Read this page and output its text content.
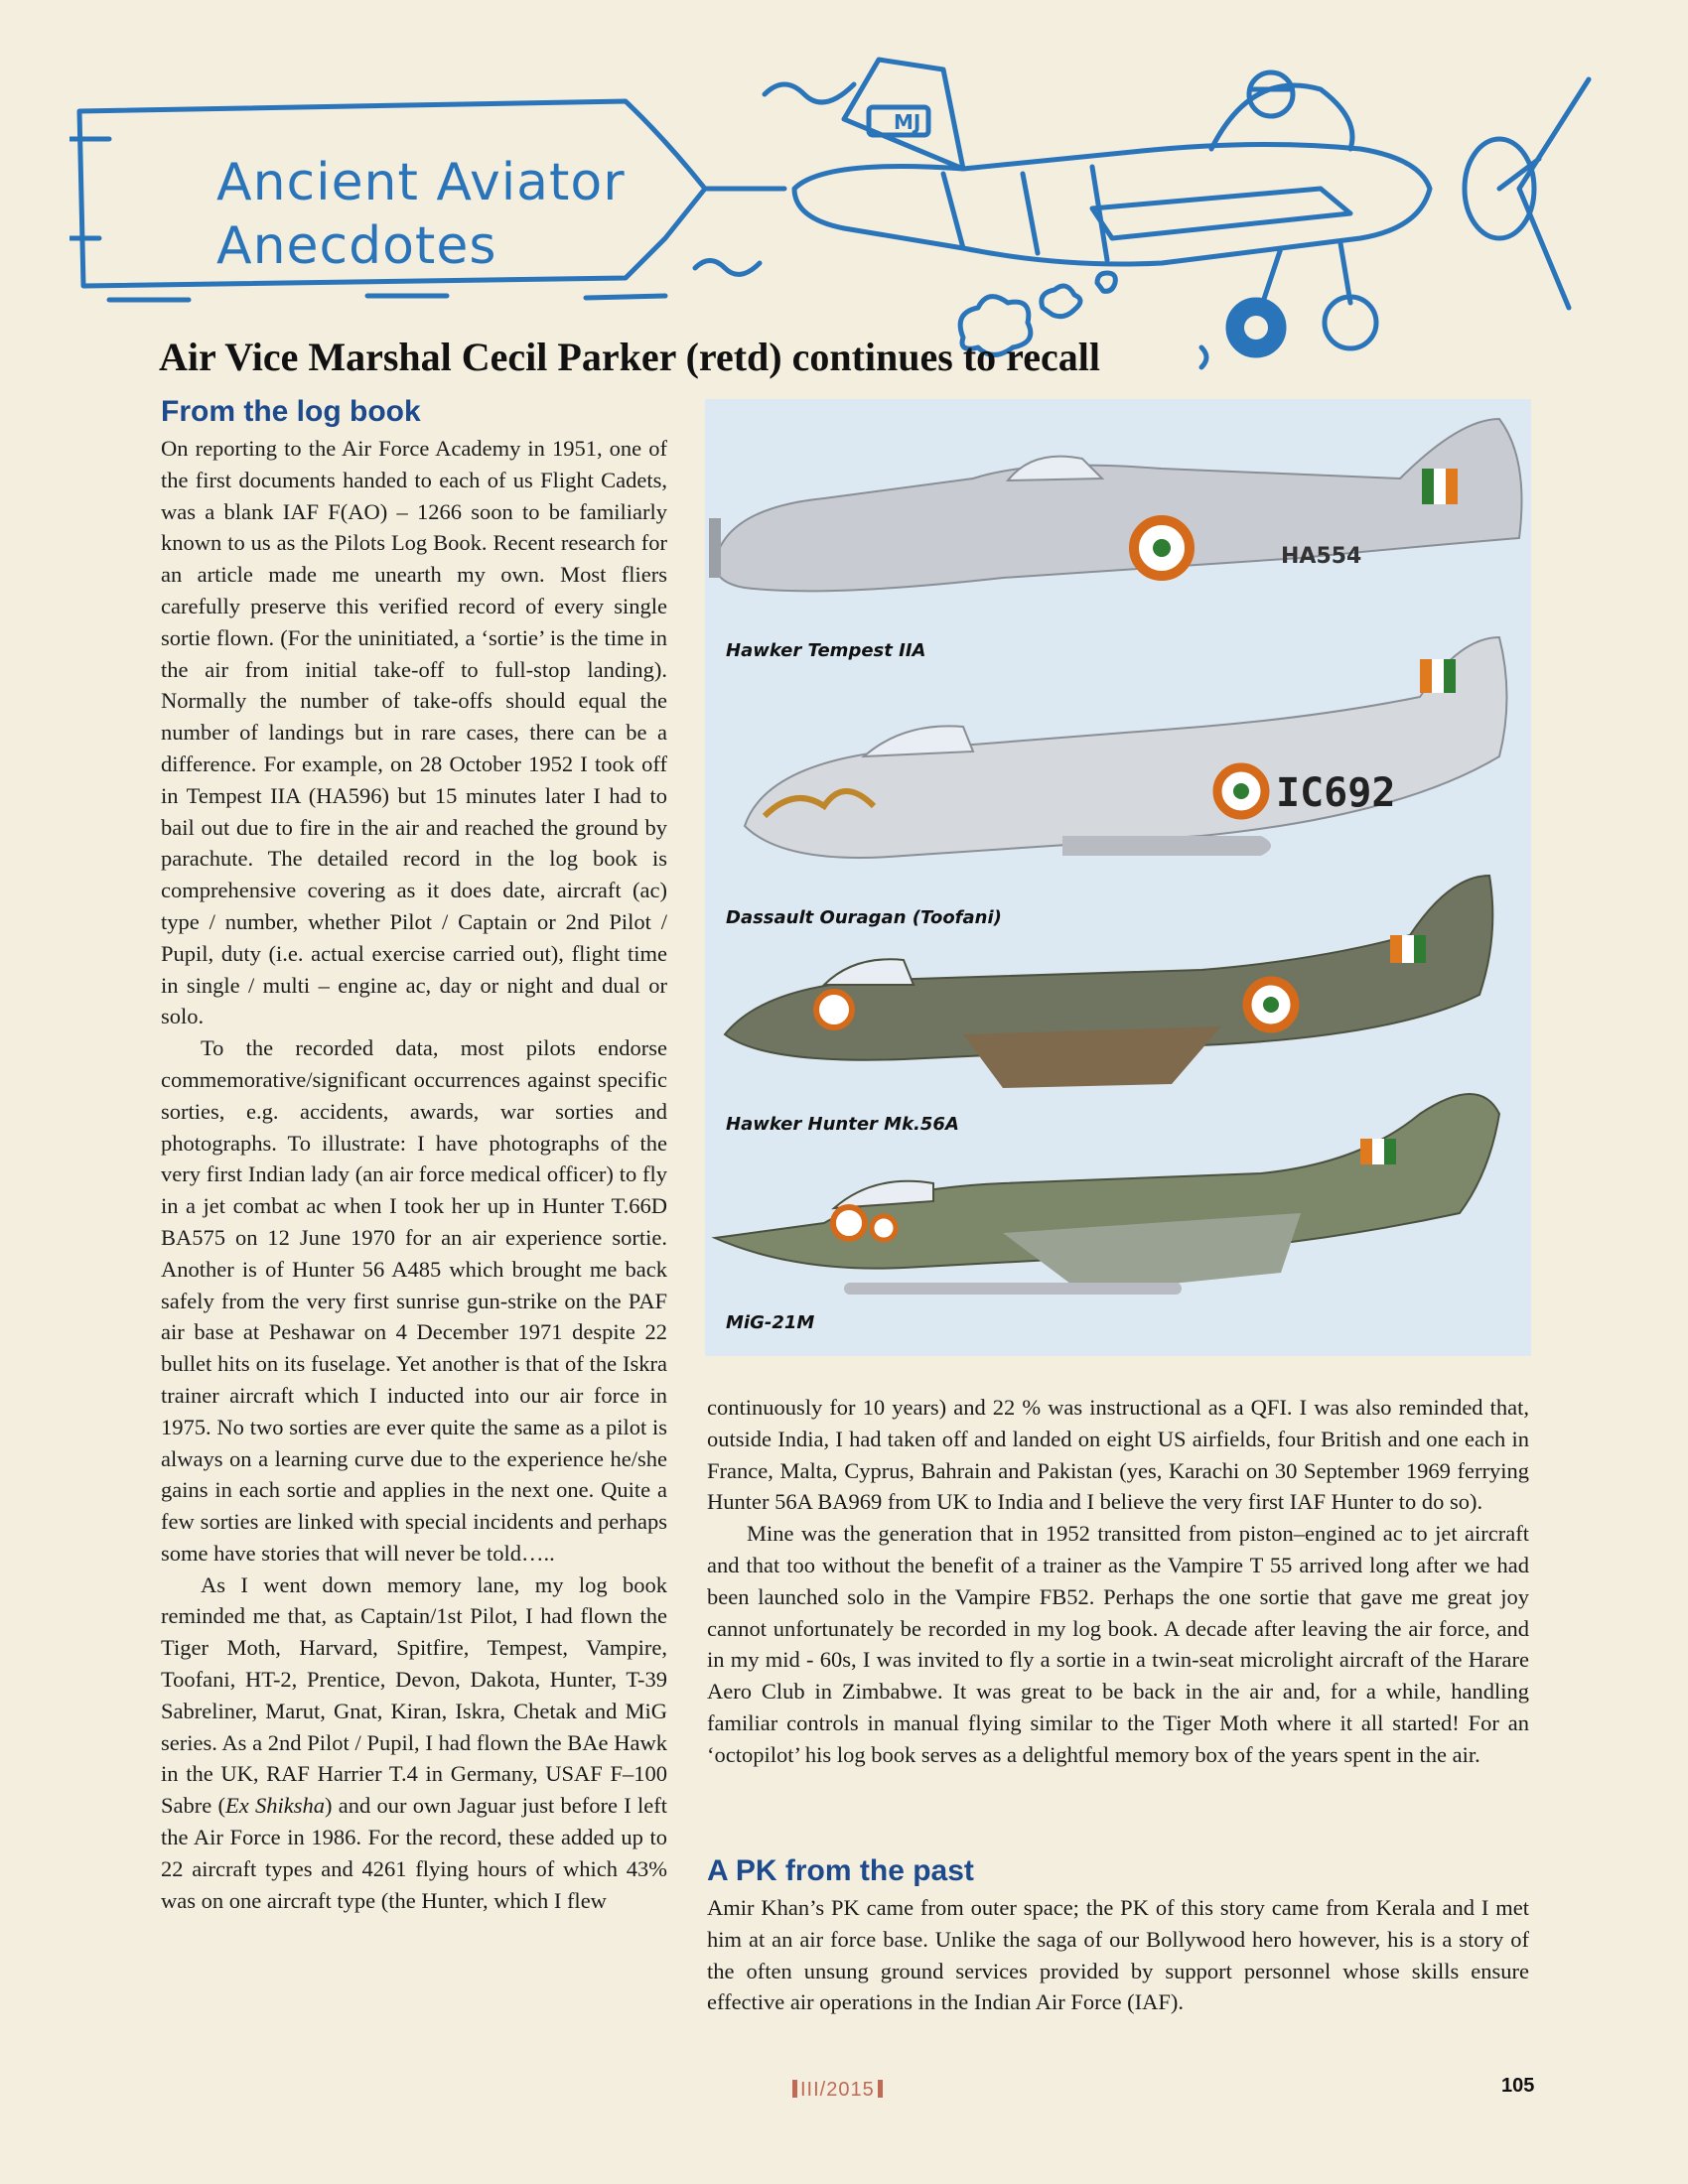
MJ
Ancient Aviator
Anecdotes
Air Vice Marshal Cecil Parker (retd) continues to recall
From the log book

On reporting to the Air Force Academy in 1951, one of the first documents handed to each of us Flight Cadets, was a blank IAF F(AO) – 1266 soon to be familiarly known to us as the Pilots Log Book. Recent research for an article made me unearth my own. Most fliers carefully preserve this verified record of every single sortie flown. (For the uninitiated, a ‘sortie’ is the time in the air from initial take-off to full-stop landing). Normally the number of take-offs should equal the number of landings but in rare cases, there can be a difference. For example, on 28 October 1952 I took off in Tempest IIA (HA596) but 15 minutes later I had to bail out due to fire in the air and reached the ground by parachute. The detailed record in the log book is comprehensive covering as it does date, aircraft (ac) type / number, whether Pilot / Captain or 2nd Pilot / Pupil, duty (i.e. actual exercise carried out), flight time in single / multi – engine ac, day or night and dual or solo.

To the recorded data, most pilots endorse commemorative/significant occurrences against specific sorties, e.g. accidents, awards, war sorties and photographs. To illustrate: I have photographs of the very first Indian lady (an air force medical officer) to fly in a jet combat ac when I took her up in Hunter T.66D BA575 on 12 June 1970 for an air experience sortie. Another is of Hunter 56 A485 which brought me back safely from the very first sunrise gun-strike on the PAF air base at Peshawar on 4 December 1971 despite 22 bullet hits on its fuselage. Yet another is that of the Iskra trainer aircraft which I inducted into our air force in 1975. No two sorties are ever quite the same as a pilot is always on a learning curve due to the experience he/she gains in each sortie and applies in the next one. Quite a few sorties are linked with special incidents and perhaps some have stories that will never be told…..

As I went down memory lane, my log book reminded me that, as Captain/1st Pilot, I had flown the Tiger Moth, Harvard, Spitfire, Tempest, Vampire, Toofani, HT-2, Prentice, Devon, Dakota, Hunter, T-39 Sabreliner, Marut, Gnat, Kiran, Iskra, Chetak and MiG series. As a 2nd Pilot / Pupil, I had flown the BAe Hawk in the UK, RAF Harrier T.4 in Germany, USAF F–100 Sabre (Ex Shiksha) and our own Jaguar just before I left the Air Force in 1986. For the record, these added up to 22 aircraft types and 4261 flying hours of which 43% was on one aircraft type (the Hunter, which I flew

HA554
IC692
Hawker Tempest IIA
Dassault Ouragan (Toofani)
Hawker Hunter Mk.56A
MiG-21M

continuously for 10 years) and 22 % was instructional as a QFI. I was also reminded that, outside India, I had taken off and landed on eight US airfields, four British and one each in France, Malta, Cyprus, Bahrain and Pakistan (yes, Karachi on 30 September 1969 ferrying Hunter 56A BA969 from UK to India and I believe the very first IAF Hunter to do so).

Mine was the generation that in 1952 transitted from piston–engined ac to jet aircraft and that too without the benefit of a trainer as the Vampire T 55 arrived long after we had been launched solo in the Vampire FB52. Perhaps the one sortie that gave me great joy cannot unfortunately be recorded in my log book. A decade after leaving the air force, and in my mid - 60s, I was invited to fly a sortie in a twin-seat microlight aircraft of the Harare Aero Club in Zimbabwe. It was great to be back in the air and, for a while, handling familiar controls in manual flying similar to the Tiger Moth where it all started! For an ‘octopilot’ his log book serves as a delightful memory box of the years spent in the air.

A PK from the past

Amir Khan’s PK came from outer space; the PK of this story came from Kerala and I met him at an air force base. Unlike the saga of our Bollywood hero however, his is a story of the often unsung ground services provided by support personnel whose skills ensure effective air operations in the Indian Air Force (IAF).

III/2015	105
